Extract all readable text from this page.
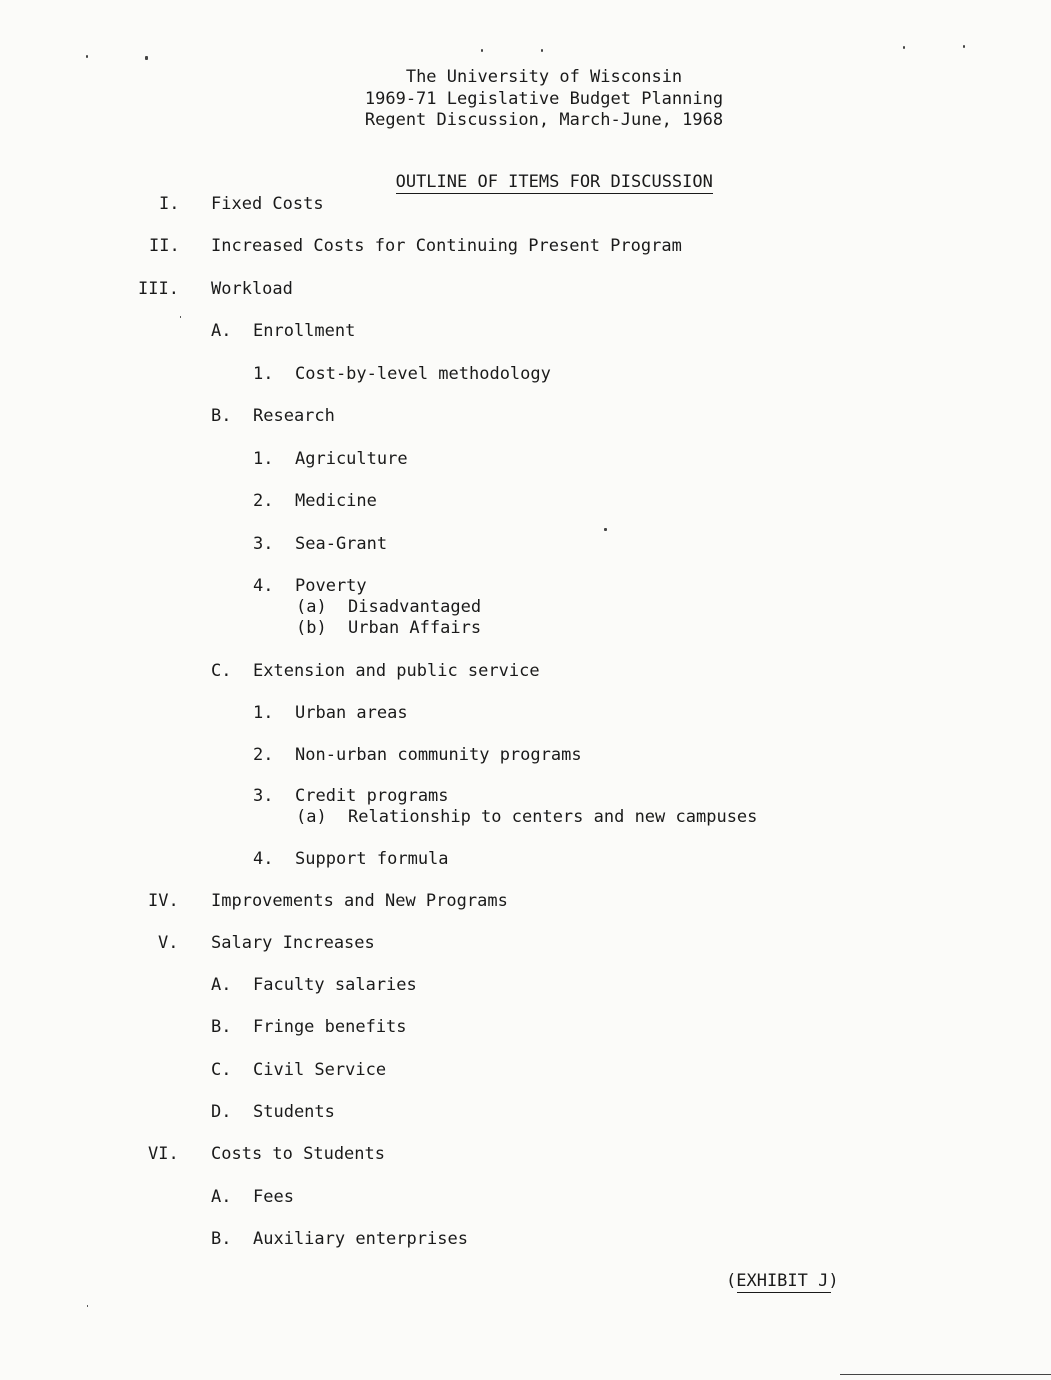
The University of Wisconsin
1969-71 Legislative Budget Planning
Regent Discussion, March-June, 1968

OUTLINE OF ITEMS FOR DISCUSSION

I. Fixed Costs
II. Increased Costs for Continuing Present Program
III. Workload
A. Enrollment
1. Cost-by-level methodology
B. Research
1. Agriculture
2. Medicine
3. Sea-Grant
4. Poverty
(a) Disadvantaged
(b) Urban Affairs
C. Extension and public service
1. Urban areas
2. Non-urban community programs
3. Credit programs
(a) Relationship to centers and new campuses
4. Support formula
IV. Improvements and New Programs
V. Salary Increases
A. Faculty salaries
B. Fringe benefits
C. Civil Service
D. Students
VI. Costs to Students
A. Fees
B. Auxiliary enterprises
(EXHIBIT J)
